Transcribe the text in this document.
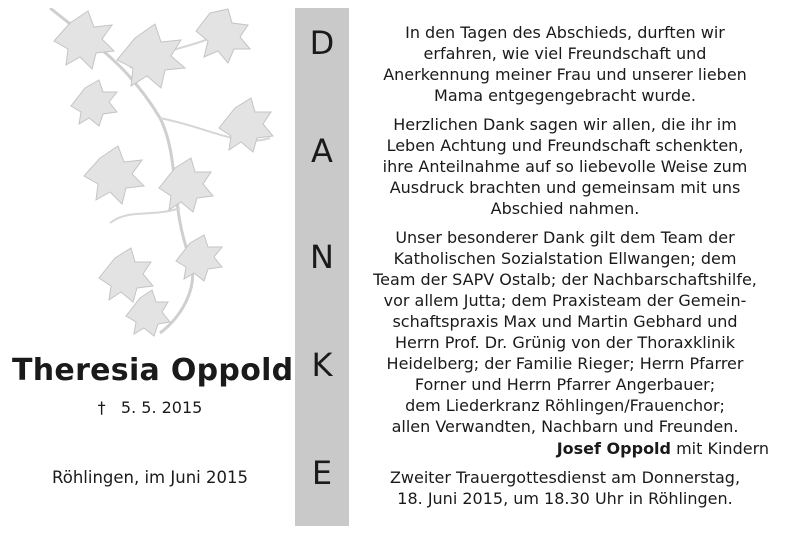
Theresia Oppold
† 5. 5. 2015
Röhlingen, im Juni 2015
D
A
N
K
E

In den Tagen des Abschieds, durften wir
erfahren, wie viel Freundschaft und
Anerkennung meiner Frau und unserer lieben
Mama entgegengebracht wurde.

Herzlichen Dank sagen wir allen, die ihr im
Leben Achtung und Freundschaft schenkten,
ihre Anteilnahme auf so liebevolle Weise zum
Ausdruck brachten und gemeinsam mit uns
Abschied nahmen.

Unser besonderer Dank gilt dem Team der
Katholischen Sozialstation Ellwangen; dem
Team der SAPV Ostalb; der Nachbarschaftshilfe,
vor allem Jutta; dem Praxisteam der Gemein-
schaftspraxis Max und Martin Gebhard und
Herrn Prof. Dr. Grünig von der Thoraxklinik
Heidelberg; der Familie Rieger; Herrn Pfarrer
Forner und Herrn Pfarrer Angerbauer;
dem Liederkranz Röhlingen/Frauenchor;
allen Verwandten, Nachbarn und Freunden.

Josef Oppold mit Kindern
Zweiter Trauergottesdienst am Donnerstag,
18. Juni 2015, um 18.30 Uhr in Röhlingen.
